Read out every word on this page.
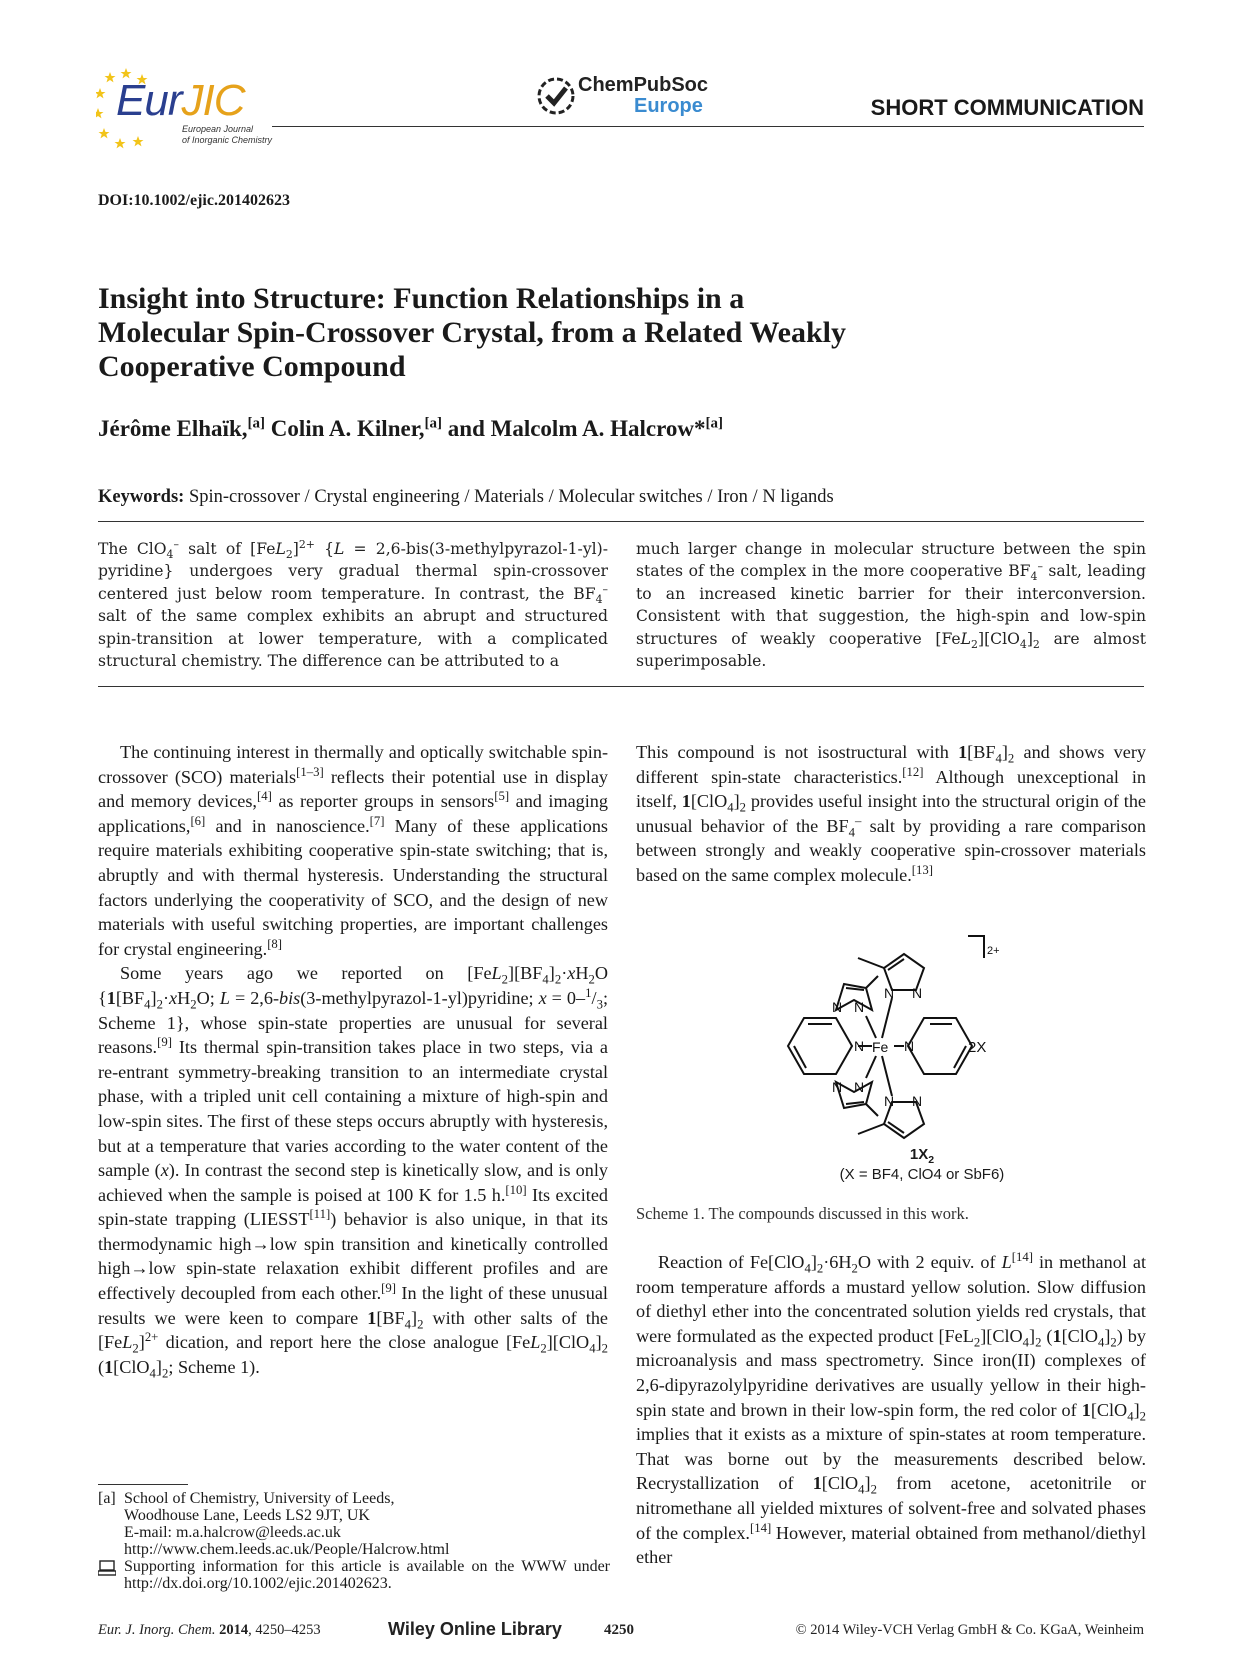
EurJIC
European Journal
of Inorganic Chemistry
ChemPubSoc
Europe	SHORT COMMUNICATION
DOI:10.1002/ejic.201402623
Insight into Structure: Function Relationships in a
Molecular Spin-Crossover Crystal, from a Related Weakly
Cooperative Compound
Jérôme Elhaïk,[a] Colin A. Kilner,[a] and Malcolm A. Halcrow*[a]
Keywords: Spin-crossover / Crystal engineering / Materials / Molecular switches / Iron / N ligands
The ClO$_4$– salt of $[FeL_2]^{2+}$ {L = 2,6-bis(3-methylpyrazol-1-yl)-pyridine} undergoes very gradual thermal spin-crossover centered just below room temperature. In contrast, the $BF_4^-$ salt of the same complex exhibits an abrupt and structured spin-transition at lower temperature, with a complicated structural chemistry. The difference can be attributed to a
much larger change in molecular structure between the spin states of the complex in the more cooperative $BF_4^-$ salt, leading to an increased kinetic barrier for their interconversion. Consistent with that suggestion, the high-spin and low-spin structures of weakly cooperative $[FeL_2][ClO_4]_2$ are almost superimposable.

The continuing interest in thermally and optically switchable spin-crossover (SCO) materials[1–3] reflects their potential use in display and memory devices,[4] as reporter groups in sensors[5] and imaging applications,[6] and in nanoscience.[7] Many of these applications require materials exhibiting cooperative spin-state switching; that is, abruptly and with thermal hysteresis. Understanding the structural factors underlying the cooperativity of SCO, and the design of new materials with useful switching properties, are important challenges for crystal engineering.[8]

Some years ago we reported on $[FeL_2][BF_4]_2\cdot xH_2O$ {$1[BF_4]_2\cdot xH_2O$; L = 2,6-bis(3-methylpyrazol-1-yl)pyridine; $x = 0-^1/_3$; Scheme 1}, whose spin-state properties are unusual for several reasons.[9] Its thermal spin-transition takes place in two steps, via a re-entrant symmetry-breaking transition to an intermediate crystal phase, with a tripled unit cell containing a mixture of high-spin and low-spin sites. The first of these steps occurs abruptly with hysteresis, but at a temperature that varies according to the water content of the sample (x). In contrast the second step is kinetically slow, and is only achieved when the sample is poised at 100 K for 1.5 h.[10] Its excited spin-state trapping (LIESST[11]) behavior is also unique, in that its thermodynamic high→low spin transition and kinetically controlled high→low spin-state relaxation exhibit different profiles and are effectively decoupled from each other.[9] In the light of these unusual results we were keen to compare $1[BF_4]_2$ with other salts of the $[FeL_2]^{2+}$ dication, and report here the close analogue $[FeL_2][ClO_4]_2$ ($1[ClO_4]_2$; Scheme 1).

This compound is not isostructural with $1[BF_4]_2$ and shows very different spin-state characteristics.[12] Although unexceptional in itself, $1[ClO_4]_2$ provides useful insight into the structural origin of the unusual behavior of the $BF_4^-$ salt by providing a rare comparison between strongly and weakly cooperative spin-crossover materials based on the same complex molecule.[13]

N	N
N N
N N
N N
N N
Fe
2+
2X
$1X_2$
(X = BF4, ClO4 or SbF6)
Scheme 1. The compounds discussed in this work.

Reaction of $Fe[ClO_4]_2\cdot 6H_2O$ with 2 equiv. of L[14] in methanol at room temperature affords a mustard yellow solution. Slow diffusion of diethyl ether into the concentrated solution yields red crystals, that were formulated as the expected product $[FeL_2][ClO_4]_2$ $(1[ClO_4]_2)$ by microanalysis and mass spectrometry. Since iron(II) complexes of 2,6-dipyrazolylpyridine derivatives are usually yellow in their high-spin state and brown in their low-spin form, the red color of $1[ClO_4]_2$ implies that it exists as a mixture of spin-states at room temperature. That was borne out by the measurements described below. Recrystallization of $1[ClO_4]_2$ from acetone, acetonitrile or nitromethane all yielded mixtures of solvent-free and solvated phases of the complex.[14] However, material obtained from methanol/diethyl ether

[a] School of Chemistry, University of Leeds,
Woodhouse Lane, Leeds LS2 9JT, UK
E-mail: m.a.halcrow@leeds.ac.uk
http://www.chem.leeds.ac.uk/People/Halcrow.html
Supporting information for this article is available on the WWW under http://dx.doi.org/10.1002/ejic.201402623.
Eur. J. Inorg. Chem. 2014, 4250–4253	Wiley Online Library	4250	© 2014 Wiley-VCH Verlag GmbH & Co. KGaA, Weinheim
